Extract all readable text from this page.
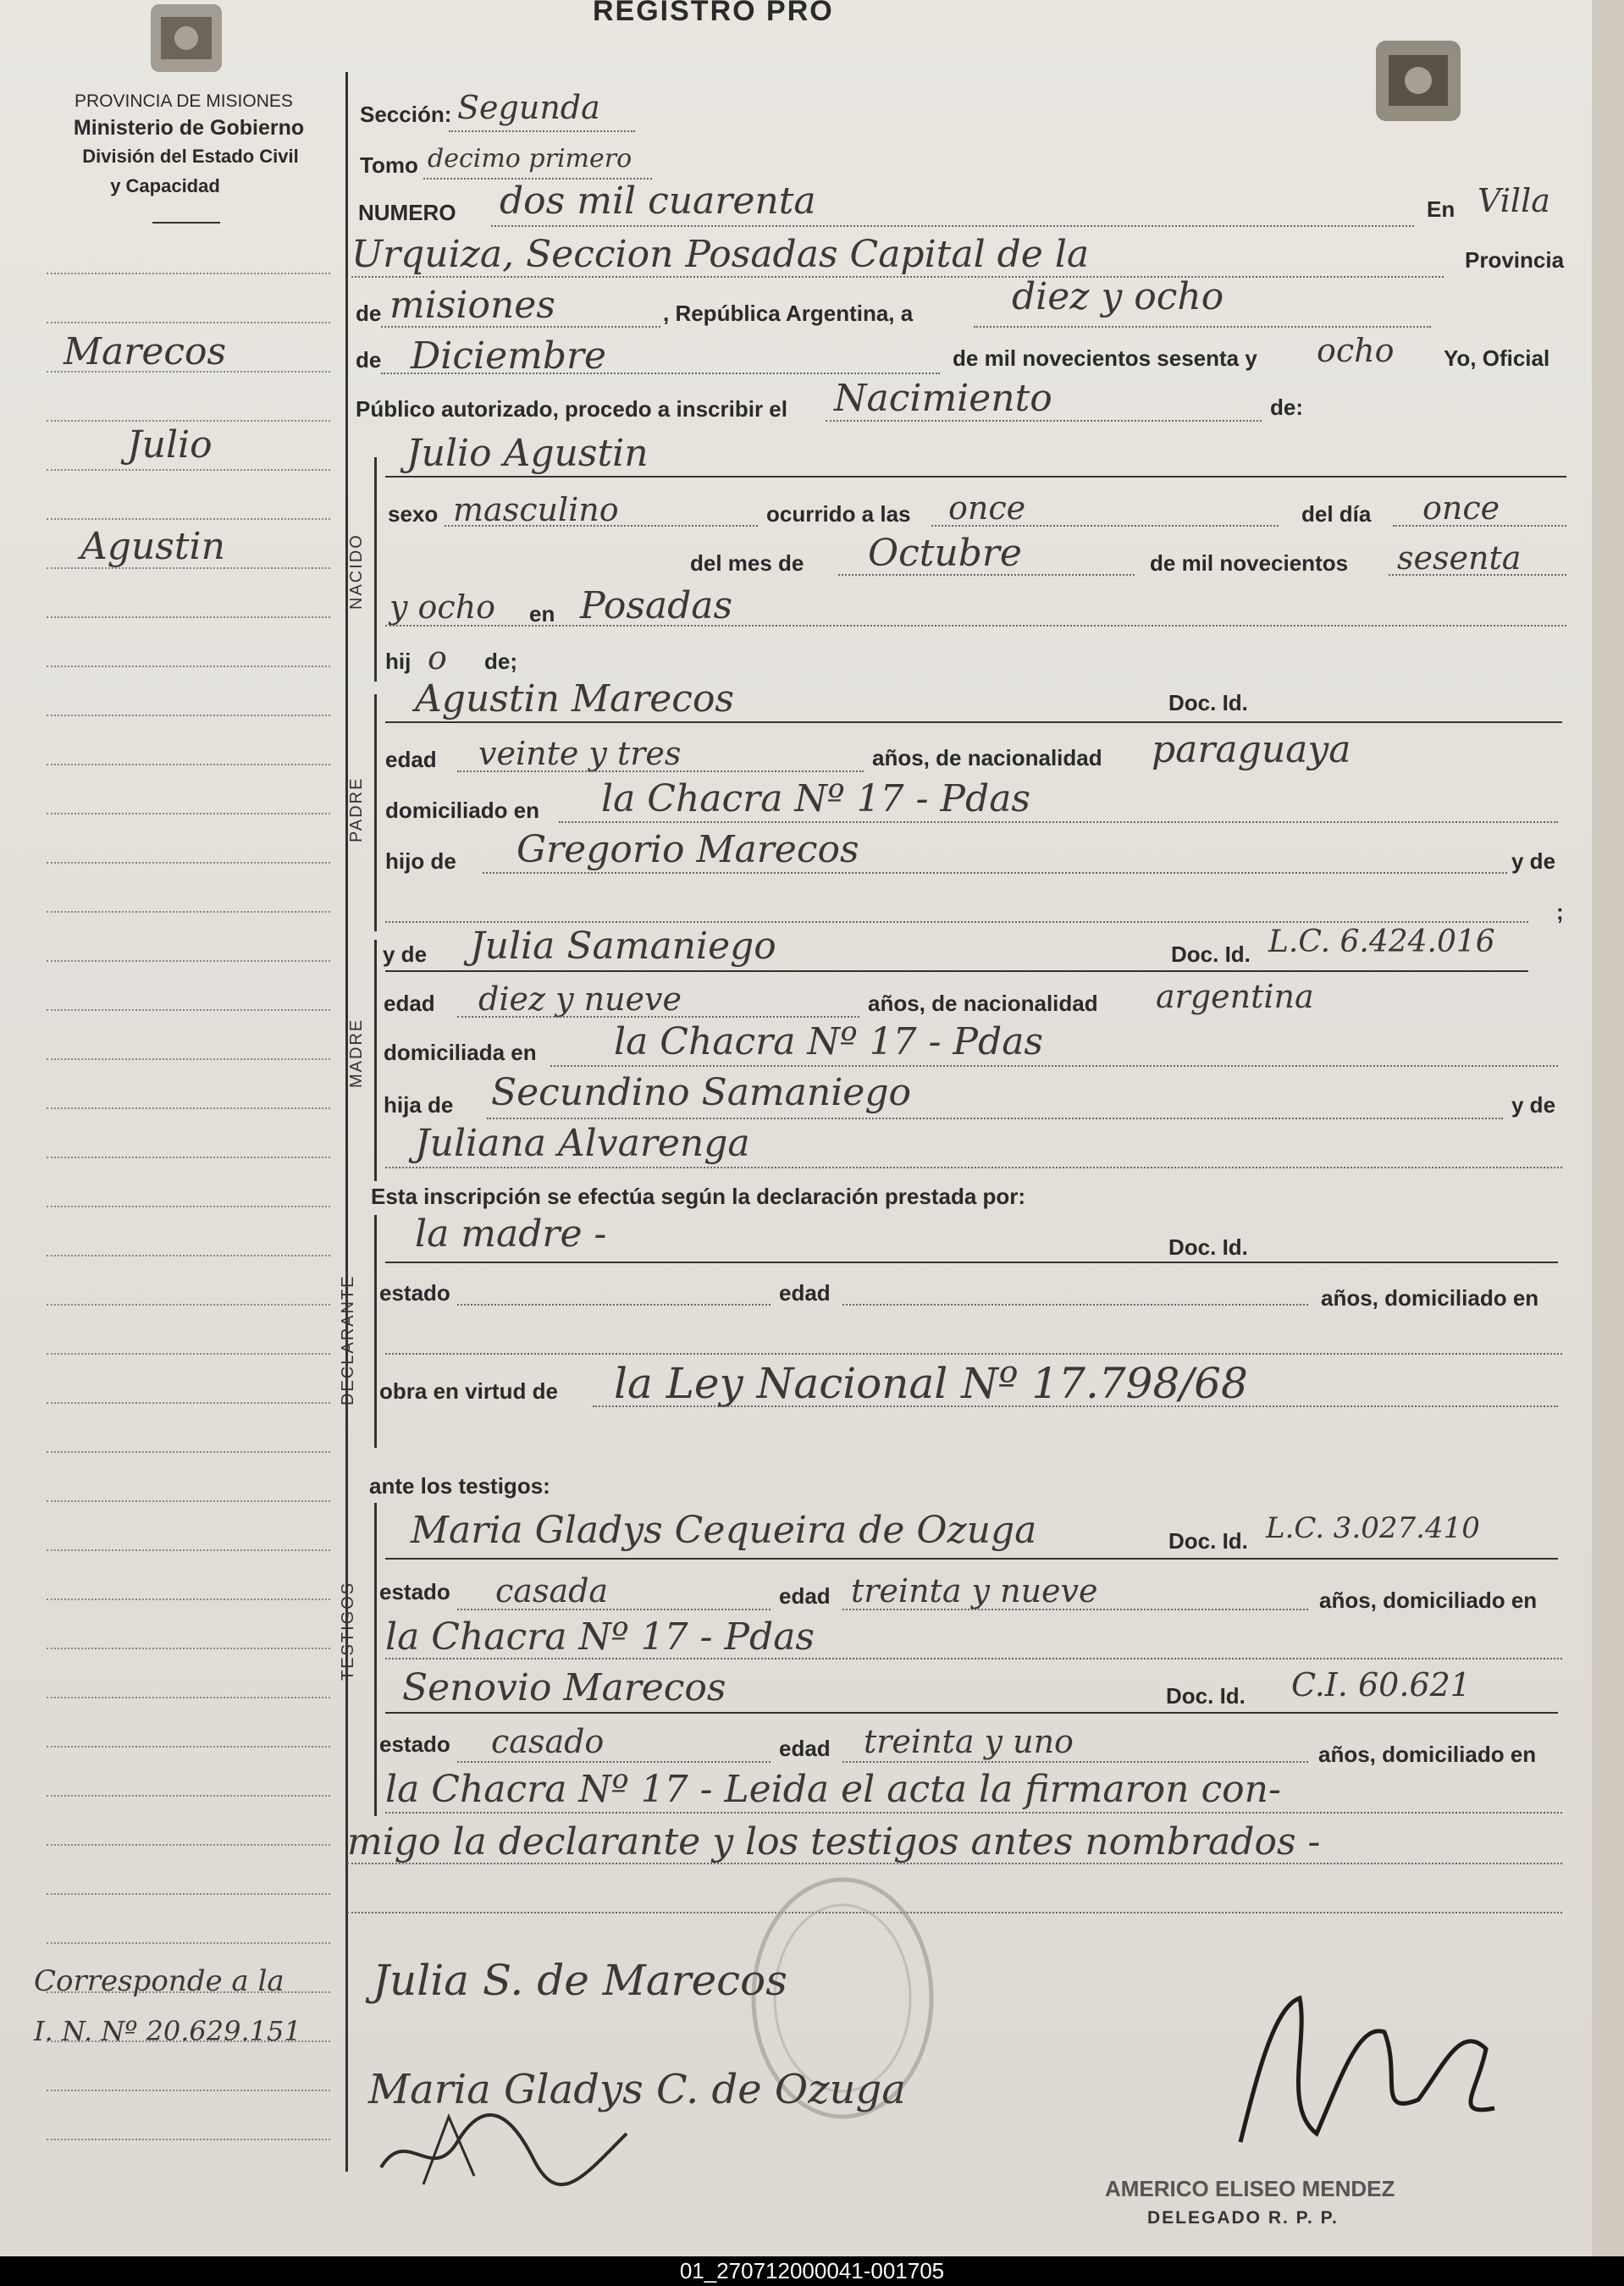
REGISTRO PRO
PROVINCIA DE MISIONES
Ministerio de Gobierno
División del Estado Civil
y Capacidad
Marecos
Julio
Agustin
Corresponde a la
I. N. Nº 20.629.151
Sección: Segunda
Tomo decimo primero
NUMERO dos mil cuarenta	En Villa
Urquiza, Seccion Posadas Capital de la	Provincia
de misiones	, República Argentina, a	diez y ocho
de Diciembre	de mil novecientos sesenta y ocho Yo, Oficial
Público autorizado, procedo a inscribir el Nacimiento	de:
NACIDO
Julio Agustin
sexo masculino	ocurrido a las once	del día once
del mes de Octubre	de mil novecientos sesenta
y ocho en Posadas
hij o de;
PADRE
Agustin Marecos	Doc. Id.
edad veinte y tres	años, de nacionalidad paraguaya
domiciliado en la Chacra Nº 17 - Pdas
hijo de Gregorio Marecos	y de
;
MADRE
y de Julia Samaniego	Doc. Id. L.C. 6.424.016
edad diez y nueve	años, de nacionalidad argentina
domiciliada en la Chacra Nº 17 - Pdas
hija de Secundino Samaniego	y de
Juliana Alvarenga
Esta inscripción se efectúa según la declaración prestada por:
DECLARANTE
la madre -	Doc. Id.
estado	edad	años, domiciliado en
obra en virtud de la Ley Nacional Nº 17.798/68
ante los testigos:
TESTIGOS
Maria Gladys Cequeira de Ozuga	Doc. Id. L.C. 3.027.410
estado casada	edad treinta y nueve	años, domiciliado en
la Chacra Nº 17 - Pdas
Senovio Marecos	Doc. Id. C.I. 60.621
estado casado	edad treinta y uno	años, domiciliado en
la Chacra Nº 17 - Leida el acta la firmaron con-
migo la declarante y los testigos antes nombrados -
Julia S. de Marecos
Maria Gladys C. de Ozuga
AMERICO ELISEO MENDEZ
DELEGADO R. P. P.
01_270712000041-001705
